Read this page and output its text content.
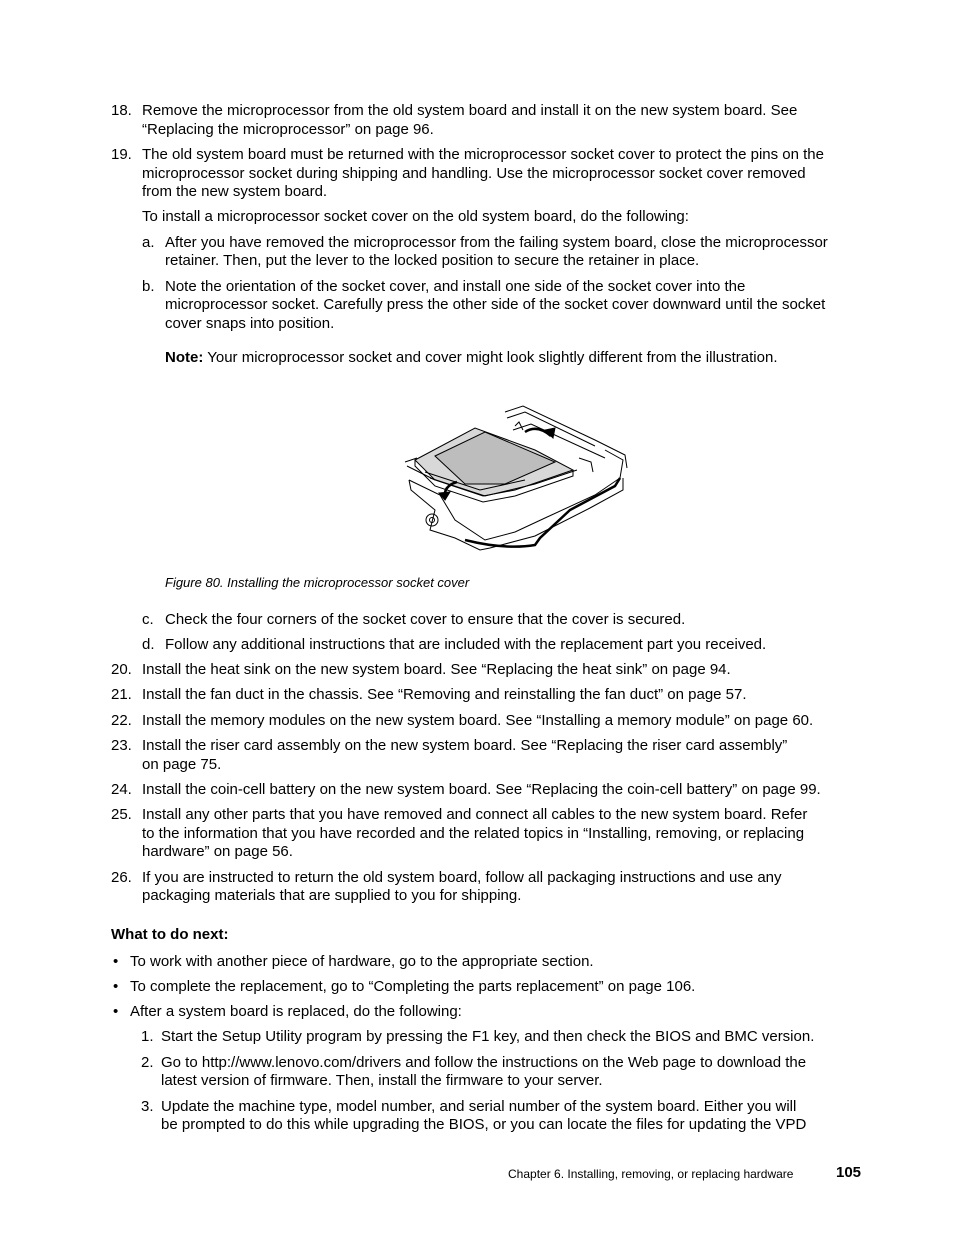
18. Remove the microprocessor from the old system board and install it on the new system board. See
“Replacing the microprocessor” on page 96.
19. The old system board must be returned with the microprocessor socket cover to protect the pins on the
microprocessor socket during shipping and handling. Use the microprocessor socket cover removed
from the new system board.
To install a microprocessor socket cover on the old system board, do the following:
a. After you have removed the microprocessor from the failing system board, close the microprocessor
retainer. Then, put the lever to the locked position to secure the retainer in place.
b. Note the orientation of the socket cover, and install one side of the socket cover into the
microprocessor socket. Carefully press the other side of the socket cover downward until the socket
cover snaps into position.
Note: Your microprocessor socket and cover might look slightly different from the illustration.
Figure 80. Installing the microprocessor socket cover
c. Check the four corners of the socket cover to ensure that the cover is secured.
d. Follow any additional instructions that are included with the replacement part you received.
20. Install the heat sink on the new system board. See “Replacing the heat sink” on page 94.
21. Install the fan duct in the chassis. See “Removing and reinstalling the fan duct” on page 57.
22. Install the memory modules on the new system board. See “Installing a memory module” on page 60.
23. Install the riser card assembly on the new system board. See “Replacing the riser card assembly”
on page 75.
24. Install the coin-cell battery on the new system board. See “Replacing the coin-cell battery” on page 99.
25. Install any other parts that you have removed and connect all cables to the new system board. Refer
to the information that you have recorded and the related topics in “Installing, removing, or replacing
hardware” on page 56.
26. If you are instructed to return the old system board, follow all packaging instructions and use any
packaging materials that are supplied to you for shipping.
What to do next:
• To work with another piece of hardware, go to the appropriate section.
• To complete the replacement, go to “Completing the parts replacement” on page 106.
• After a system board is replaced, do the following:
1. Start the Setup Utility program by pressing the F1 key, and then check the BIOS and BMC version.
2. Go to http://www.lenovo.com/drivers and follow the instructions on the Web page to download the
latest version of firmware. Then, install the firmware to your server.
3. Update the machine type, model number, and serial number of the system board. Either you will
be prompted to do this while upgrading the BIOS, or you can locate the files for updating the VPD
Chapter 6. Installing, removing, or replacing hardware	105
